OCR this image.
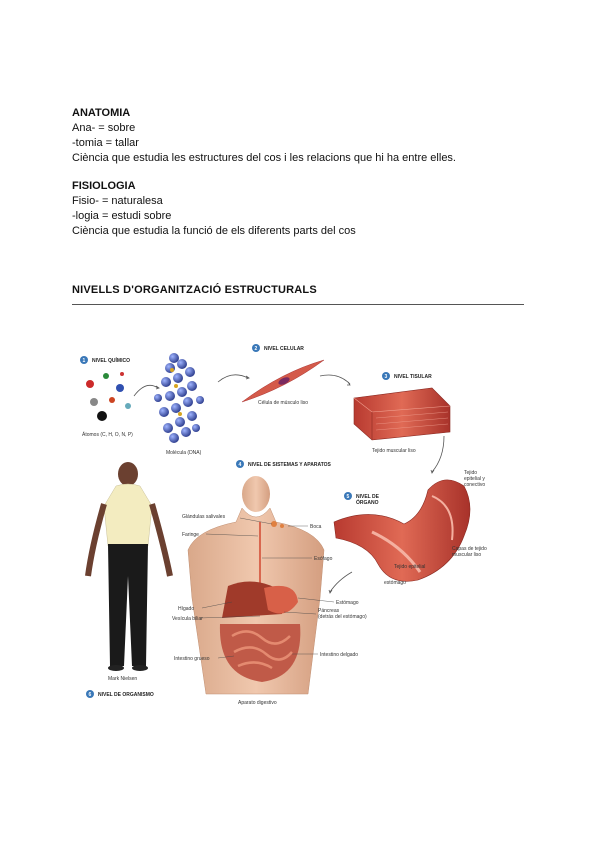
ANATOMIA
Ana- = sobre
-tomia = tallar
Ciència que estudia les estructures del cos i les relacions que hi ha entre elles.
FISIOLOGIA
Fisio- = naturalesa
-logia = estudi sobre
Ciència que estudia la funció de els diferents parts del cos
NIVELLS D'ORGANITZACIÓ ESTRUCTURALS
1 NIVEL QUÍMICO
Átomos (C, H, O, N, P)
Molécula (DNA)
2 NIVEL CELULAR
Célula de músculo liso
3 NIVEL TISULAR
Tejido muscular liso
4 NIVEL DE SISTEMAS Y APARATOS
5 NIVEL DE
ÓRGANO
Tejido
epitelial y
conectivo
Capas de tejido
muscular liso
Tejido epitelial
estómago
Mark Nielsen
6 NIVEL DE ORGANISMO
Glándulas salivales
Boca
Faringe
Esófago
Estómago
Hígado
Vesícula biliar
Páncreas
(detrás del estómago)
Intestino grueso
Intestino delgado
Aparato digestivo
